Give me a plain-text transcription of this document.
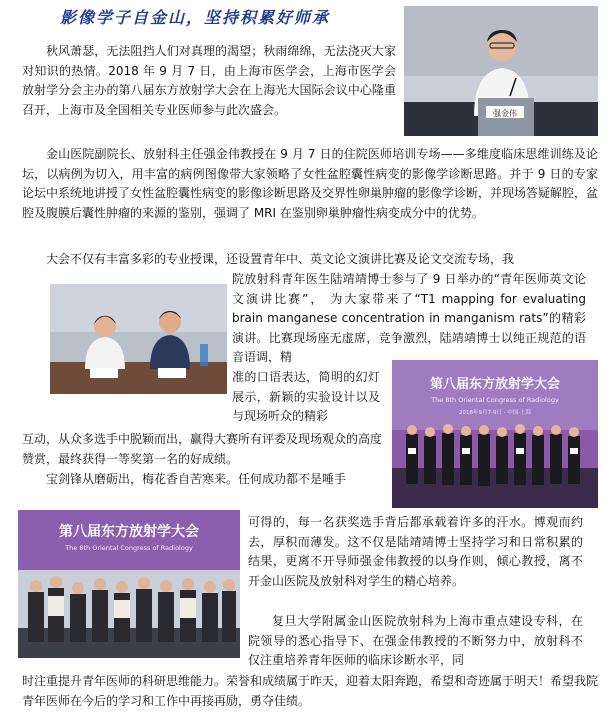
影像学子自金山，坚持积累好师承
强金伟

秋风萧瑟，无法阻挡人们对真理的渴望；秋雨绵绵，无法浇灭大家对知识的热情。2018 年 9 月 7 日，由上海市医学会，上海市医学会放射学分会主办的第八届东方放射学大会在上海光大国际会议中心隆重召开，上海市及全国相关专业医师参与此次盛会。

金山医院副院长、放射科主任强金伟教授在 9 月 7 日的住院医师培训专场——多维度临床思维训练及论坛，以病例为切入，用丰富的病例图像带大家领略了女性盆腔囊性病变的影像学诊断思路。并于 9 日的专家论坛中系统地讲授了女性盆腔囊性病变的影像诊断思路及交界性卵巢肿瘤的影像学诊断，并现场答疑解腔，盆腔及腹膜后囊性肿瘤的来源的鉴别，强调了 MRI 在鉴别卵巢肿瘤性病变成分中的优势。

大会不仅有丰富多彩的专业授课，还设置青年中、英文论文演讲比赛及论文交流专场，我

院放射科青年医生陆靖靖博士参与了 9 日举办的“青年医师英文论文演讲比赛”， 为大家带来了“T1 mapping for evaluating brain manganese concentration in manganism rats”的精彩演讲。比赛现场座无虚席，竞争激烈，陆靖靖博士以纯正规范的语音语调，精

准的口语表达，简明的幻灯展示，新颖的实验设计以及与现场听众的精彩

第八届东方放射学大会
The 8th Oriental Congress of Radiology
2018年9月7-9日 · 中国·上海

互动，从众多选手中脱颖而出，赢得大赛所有评委及现场观众的高度赞赏，最终获得一等奖第一名的好成绩。

宝剑锋从磨砺出，梅花香自苦寒来。任何成功都不是唾手

第八届东方放射学大会
The 8th Oriental Congress of Radiology

可得的，每一名获奖选手背后都承载着许多的汗水。博观而约去，厚积而薄发。这不仅是陆靖靖博士坚持学习和日常积累的结果，更离不开导师强金伟教授的以身作则，倾心教授，离不开金山医院及放射科对学生的精心培养。

复旦大学附属金山医院放射科为上海市重点建设专科，在院领导的悉心指导下、在强金伟教授的不断努力中，放射科不仅注重培养青年医师的临床诊断水平，同

时注重提升青年医师的科研思维能力。荣誉和成绩属于昨天，迎着太阳奔跑，希望和奇迹属于明天！希望我院青年医师在今后的学习和工作中再接再励，勇夺佳绩。
